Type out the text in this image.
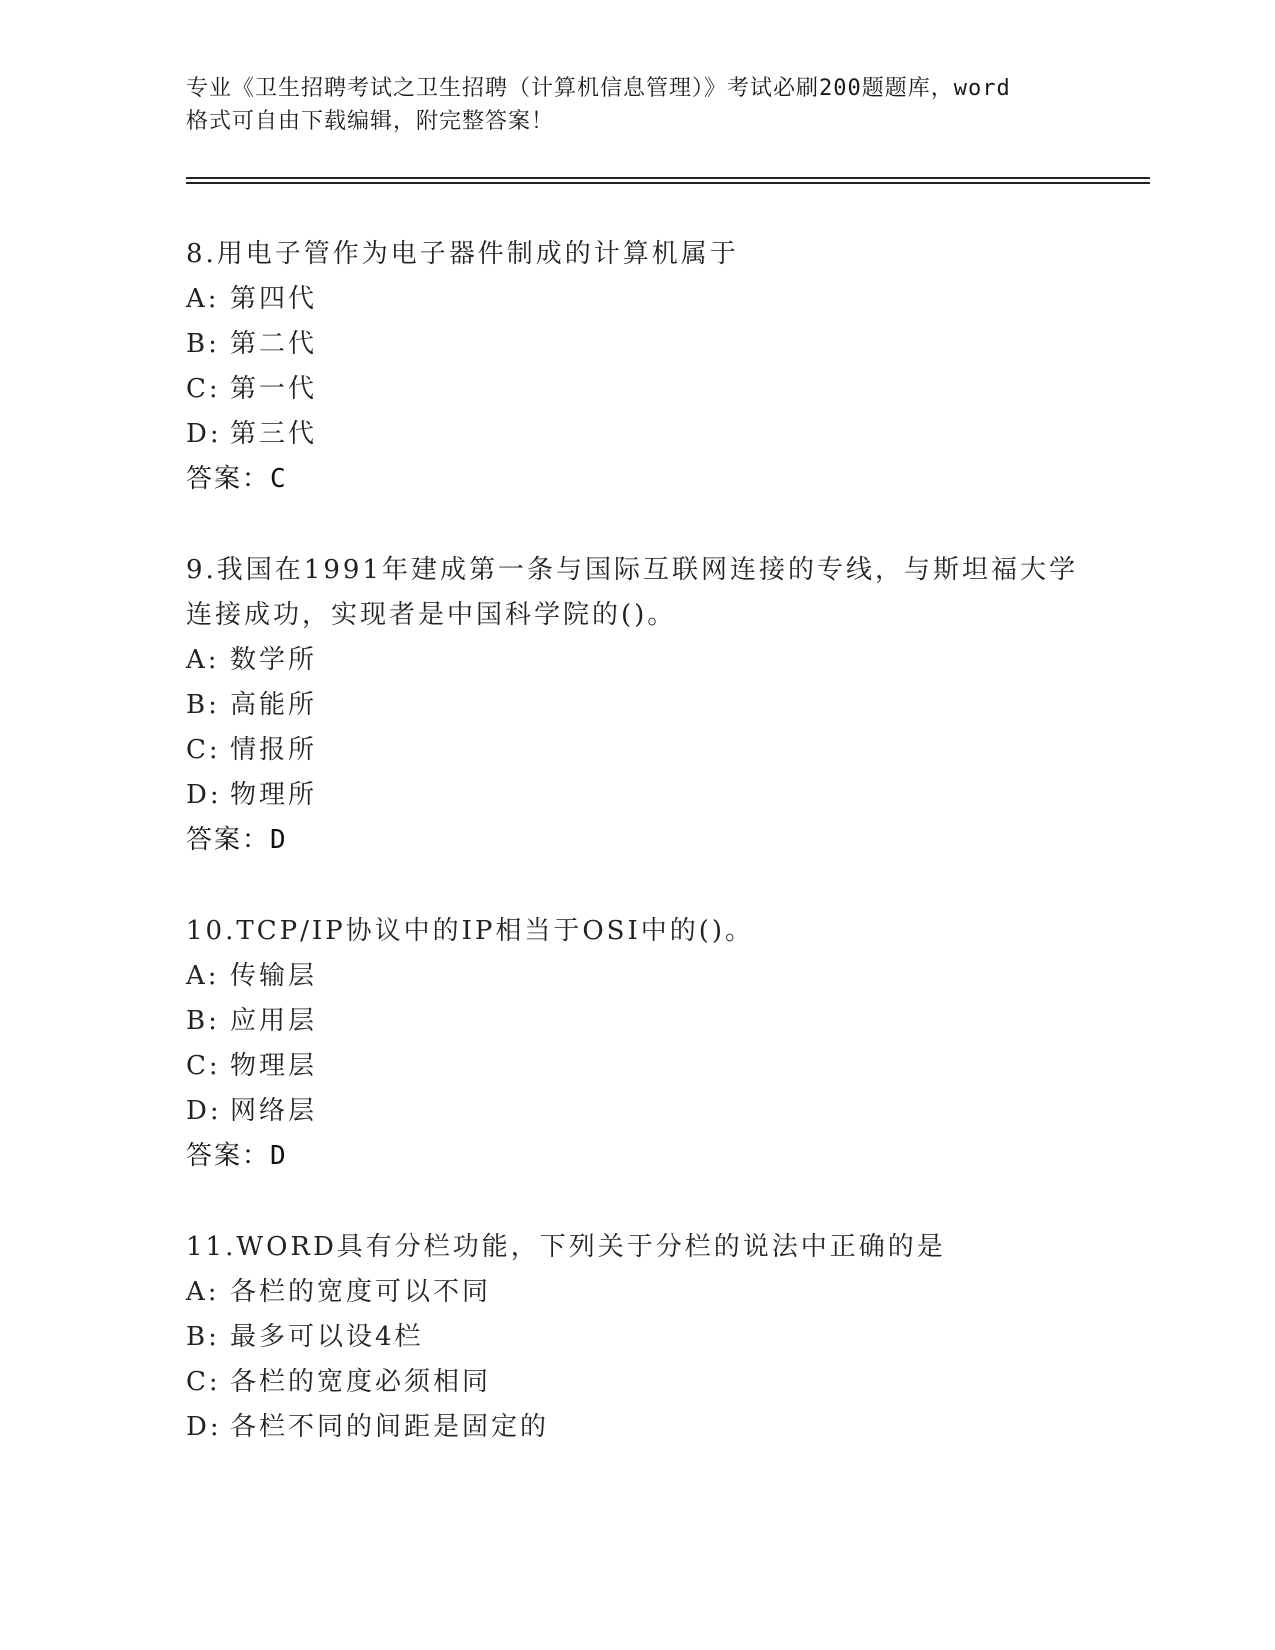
专业《卫生招聘考试之卫生招聘（计算机信息管理）》考试必刷200题题库，word
格式可自由下载编辑，附完整答案！
8.用电子管作为电子器件制成的计算机属于
A: 第四代
B: 第二代
C: 第一代
D: 第三代
答案：C
9.我国在1991年建成第一条与国际互联网连接的专线，与斯坦福大学
连接成功，实现者是中国科学院的()。
A: 数学所
B: 高能所
C: 情报所
D: 物理所
答案：D
10.TCP/IP协议中的IP相当于OSI中的()。
A: 传输层
B: 应用层
C: 物理层
D: 网络层
答案：D
11.WORD具有分栏功能，下列关于分栏的说法中正确的是
A: 各栏的宽度可以不同
B: 最多可以设4栏
C: 各栏的宽度必须相同
D: 各栏不同的间距是固定的
